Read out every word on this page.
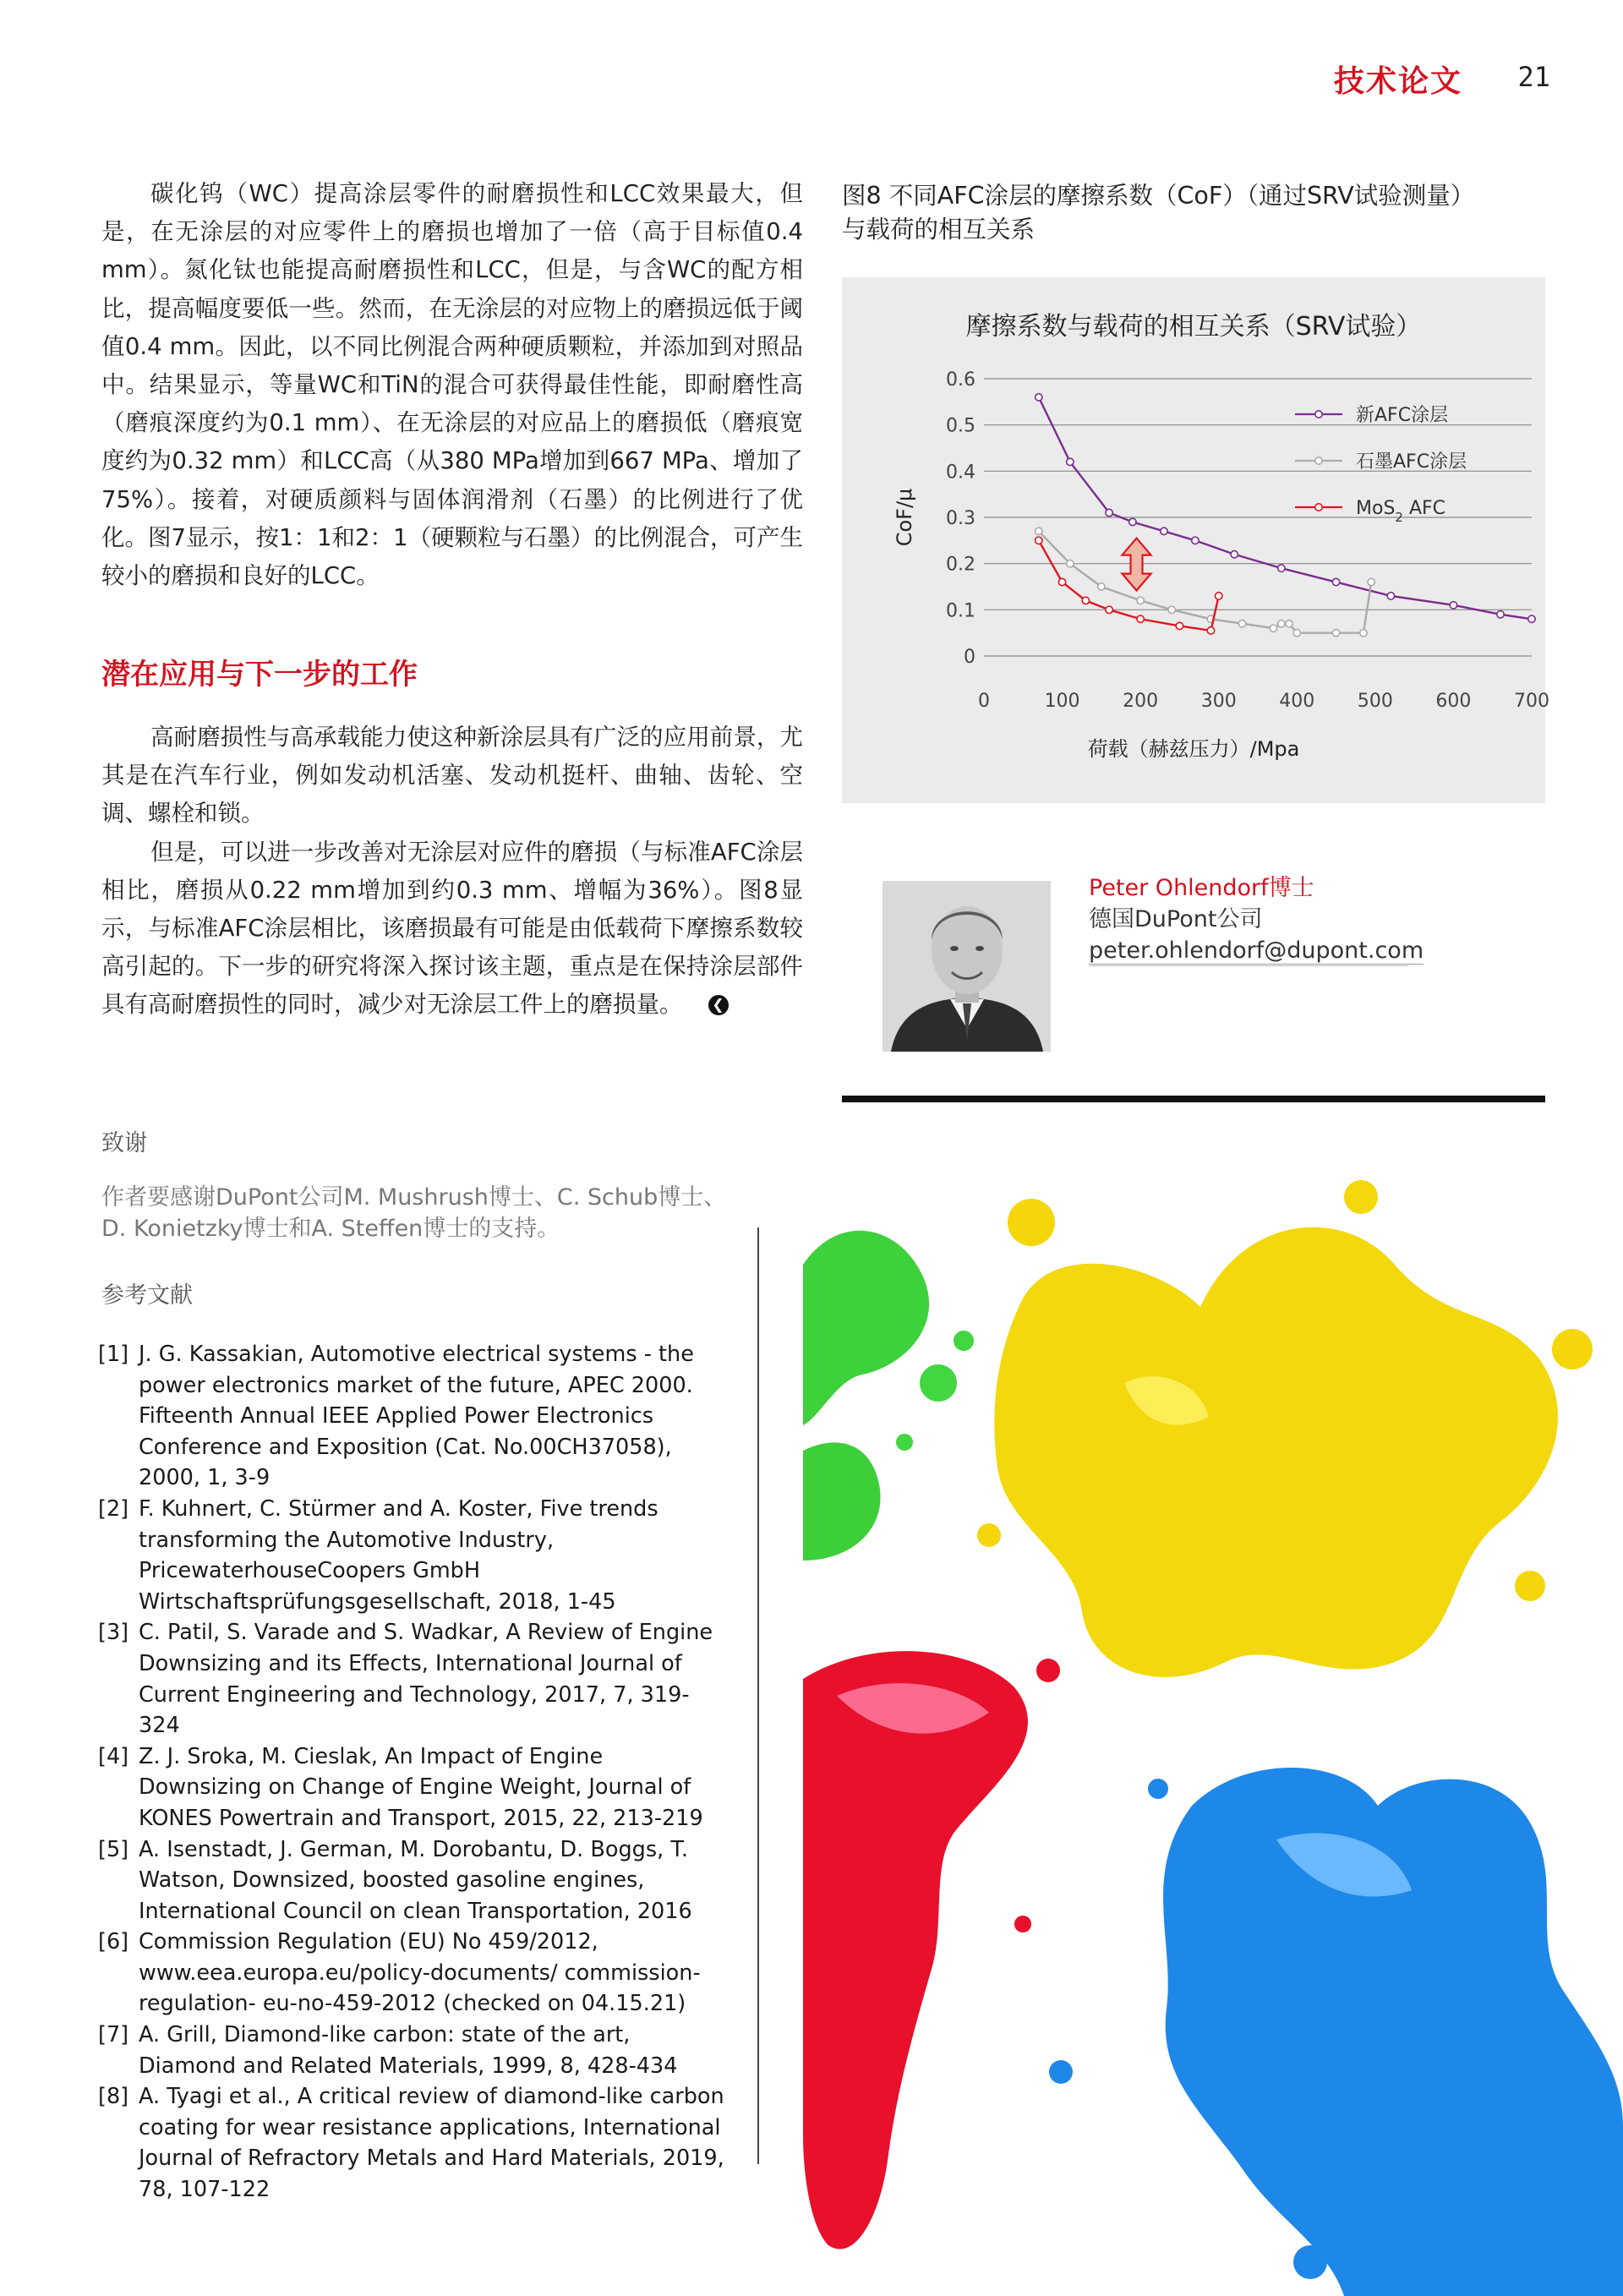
技术论文 21

碳化钨（WC）提高涂层零件的耐磨损性和LCC效果最大，但是，在无涂层的对应零件上的磨损也增加了一倍（高于目标值0.4 mm）。氮化钛也能提高耐磨损性和LCC，但是，与含WC的配方相比，提高幅度要低一些。然而，在无涂层的对应物上的磨损远低于阈值0.4 mm。因此，以不同比例混合两种硬质颗粒，并添加到对照品中。结果显示，等量WC和TiN的混合可获得最佳性能，即耐磨性高（磨痕深度约为0.1 mm）、在无涂层的对应品上的磨损低（磨痕宽度约为0.32 mm）和LCC高（从380 MPa增加到667 MPa、增加了75%）。接着，对硬质颜料与固体润滑剂（石墨）的比例进行了优化。图7显示，按1：1和2：1（硬颗粒与石墨）的比例混合，可产生较小的磨损和良好的LCC。

潜在应用与下一步的工作

高耐磨损性与高承载能力使这种新涂层具有广泛的应用前景，尤其是在汽车行业，例如发动机活塞、发动机挺杆、曲轴、齿轮、空调、螺栓和锁。

但是，可以进一步改善对无涂层对应件的磨损（与标准AFC涂层相比，磨损从0.22 mm增加到约0.3 mm、增幅为36%）。图8显示，与标准AFC涂层相比，该磨损最有可能是由低载荷下摩擦系数较高引起的。下一步的研究将深入探讨该主题，重点是在保持涂层部件具有高耐磨损性的同时，减少对无涂层工件上的磨损量。 ❮

图8 不同AFC涂层的摩擦系数（CoF）（通过SRV试验测量）
与载荷的相互关系
摩擦系数与载荷的相互关系（SRV试验）
0
0.1
0.2
0.3
0.4
0.5
0.6
0	100 200 300 400 500 600 700
荷载（赫兹压力）/Mpa
CoF/μ
新AFC涂层
石墨AFC涂层
MoS$_2$ AFC
Peter Ohlendorf博士
德国DuPont公司
peter.ohlendorf@dupont.com
致谢
作者要感谢DuPont公司M. Mushrush博士、C. Schub博士、D. Konietzky博士和A. Steffen博士的支持。
参考文献
[1] J. G. Kassakian, Automotive electrical systems - the power electronics market of the future, APEC 2000. Fifteenth Annual IEEE Applied Power Electronics Conference and Exposition (Cat. No.00CH37058), 2000, 1, 3-9
[2] F. Kuhnert, C. Stürmer and A. Koster, Five trends transforming the Automotive Industry, PricewaterhouseCoopers GmbH Wirtschaftsprüfungsgesellschaft, 2018, 1-45
[3] C. Patil, S. Varade and S. Wadkar, A Review of Engine Downsizing and its Effects, International Journal of Current Engineering and Technology, 2017, 7, 319-324
[4] Z. J. Sroka, M. Cieslak, An Impact of Engine Downsizing on Change of Engine Weight, Journal of KONES Powertrain and Transport, 2015, 22, 213-219
[5] A. Isenstadt, J. German, M. Dorobantu, D. Boggs, T. Watson, Downsized, boosted gasoline engines, International Council on clean Transportation, 2016
[6] Commission Regulation (EU) No 459/2012, www.eea.europa.eu/policy-documents/ commission-regulation- eu-no-459-2012 (checked on 04.15.21)
[7] A. Grill, Diamond-like carbon: state of the art, Diamond and Related Materials, 1999, 8, 428-434
[8] A. Tyagi et al., A critical review of diamond-like carbon coating for wear resistance applications, International Journal of Refractory Metals and Hard Materials, 2019, 78, 107-122
